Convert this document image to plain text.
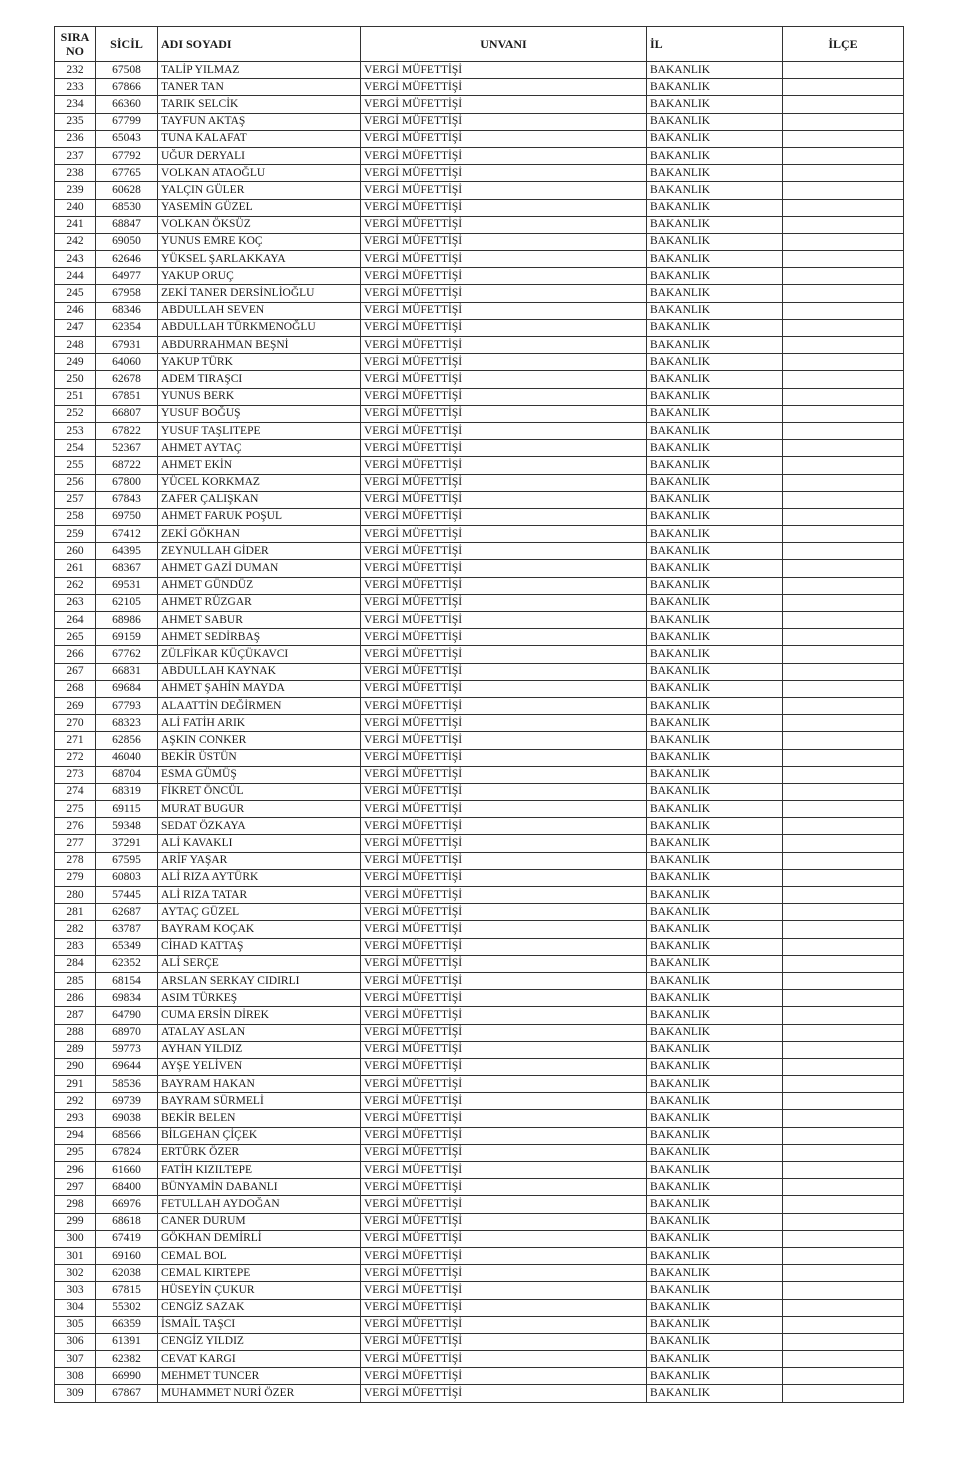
SIRA
NO	SİCİL	ADI SOYADI	UNVANI	İL	İLÇE
232	67508	TALİP YILMAZ	VERGİ MÜFETTİŞİ	BAKANLIK	
233	67866	TANER TAN	VERGİ MÜFETTİŞİ	BAKANLIK	
234	66360	TARIK SELCİK	VERGİ MÜFETTİŞİ	BAKANLIK	
235	67799	TAYFUN AKTAŞ	VERGİ MÜFETTİŞİ	BAKANLIK	
236	65043	TUNA KALAFAT	VERGİ MÜFETTİŞİ	BAKANLIK	
237	67792	UĞUR DERYALI	VERGİ MÜFETTİŞİ	BAKANLIK	
238	67765	VOLKAN ATAOĞLU	VERGİ MÜFETTİŞİ	BAKANLIK	
239	60628	YALÇIN GÜLER	VERGİ MÜFETTİŞİ	BAKANLIK	
240	68530	YASEMİN GÜZEL	VERGİ MÜFETTİŞİ	BAKANLIK	
241	68847	VOLKAN ÖKSÜZ	VERGİ MÜFETTİŞİ	BAKANLIK	
242	69050	YUNUS EMRE KOÇ	VERGİ MÜFETTİŞİ	BAKANLIK	
243	62646	YÜKSEL ŞARLAKKAYA	VERGİ MÜFETTİŞİ	BAKANLIK	
244	64977	YAKUP ORUÇ	VERGİ MÜFETTİŞİ	BAKANLIK	
245	67958	ZEKİ TANER DERSİNLİOĞLU	VERGİ MÜFETTİŞİ	BAKANLIK	
246	68346	ABDULLAH SEVEN	VERGİ MÜFETTİŞİ	BAKANLIK	
247	62354	ABDULLAH TÜRKMENOĞLU	VERGİ MÜFETTİŞİ	BAKANLIK	
248	67931	ABDURRAHMAN BEŞNİ	VERGİ MÜFETTİŞİ	BAKANLIK	
249	64060	YAKUP TÜRK	VERGİ MÜFETTİŞİ	BAKANLIK	
250	62678	ADEM TIRAŞCI	VERGİ MÜFETTİŞİ	BAKANLIK	
251	67851	YUNUS BERK	VERGİ MÜFETTİŞİ	BAKANLIK	
252	66807	YUSUF BOĞUŞ	VERGİ MÜFETTİŞİ	BAKANLIK	
253	67822	YUSUF TAŞLITEPE	VERGİ MÜFETTİŞİ	BAKANLIK	
254	52367	AHMET AYTAÇ	VERGİ MÜFETTİŞİ	BAKANLIK	
255	68722	AHMET EKİN	VERGİ MÜFETTİŞİ	BAKANLIK	
256	67800	YÜCEL KORKMAZ	VERGİ MÜFETTİŞİ	BAKANLIK	
257	67843	ZAFER ÇALIŞKAN	VERGİ MÜFETTİŞİ	BAKANLIK	
258	69750	AHMET FARUK POŞUL	VERGİ MÜFETTİŞİ	BAKANLIK	
259	67412	ZEKİ GÖKHAN	VERGİ MÜFETTİŞİ	BAKANLIK	
260	64395	ZEYNULLAH GİDER	VERGİ MÜFETTİŞİ	BAKANLIK	
261	68367	AHMET GAZİ DUMAN	VERGİ MÜFETTİŞİ	BAKANLIK	
262	69531	AHMET GÜNDÜZ	VERGİ MÜFETTİŞİ	BAKANLIK	
263	62105	AHMET RÜZGAR	VERGİ MÜFETTİŞİ	BAKANLIK	
264	68986	AHMET SABUR	VERGİ MÜFETTİŞİ	BAKANLIK	
265	69159	AHMET SEDİRBAŞ	VERGİ MÜFETTİŞİ	BAKANLIK	
266	67762	ZÜLFİKAR KÜÇÜKAVCI	VERGİ MÜFETTİŞİ	BAKANLIK	
267	66831	ABDULLAH KAYNAK	VERGİ MÜFETTİŞİ	BAKANLIK	
268	69684	AHMET ŞAHİN MAYDA	VERGİ MÜFETTİŞİ	BAKANLIK	
269	67793	ALAATTİN DEĞİRMEN	VERGİ MÜFETTİŞİ	BAKANLIK	
270	68323	ALİ FATİH ARIK	VERGİ MÜFETTİŞİ	BAKANLIK	
271	62856	AŞKIN CONKER	VERGİ MÜFETTİŞİ	BAKANLIK	
272	46040	BEKİR ÜSTÜN	VERGİ MÜFETTİŞİ	BAKANLIK	
273	68704	ESMA GÜMÜŞ	VERGİ MÜFETTİŞİ	BAKANLIK	
274	68319	FİKRET ÖNCÜL	VERGİ MÜFETTİŞİ	BAKANLIK	
275	69115	MURAT BUGUR	VERGİ MÜFETTİŞİ	BAKANLIK	
276	59348	SEDAT ÖZKAYA	VERGİ MÜFETTİŞİ	BAKANLIK	
277	37291	ALİ KAVAKLI	VERGİ MÜFETTİŞİ	BAKANLIK	
278	67595	ARİF YAŞAR	VERGİ MÜFETTİŞİ	BAKANLIK	
279	60803	ALİ RIZA AYTÜRK	VERGİ MÜFETTİŞİ	BAKANLIK	
280	57445	ALİ RIZA TATAR	VERGİ MÜFETTİŞİ	BAKANLIK	
281	62687	AYTAÇ GÜZEL	VERGİ MÜFETTİŞİ	BAKANLIK	
282	63787	BAYRAM KOÇAK	VERGİ MÜFETTİŞİ	BAKANLIK	
283	65349	CİHAD KATTAŞ	VERGİ MÜFETTİŞİ	BAKANLIK	
284	62352	ALİ SERÇE	VERGİ MÜFETTİŞİ	BAKANLIK	
285	68154	ARSLAN SERKAY CIDIRLI	VERGİ MÜFETTİŞİ	BAKANLIK	
286	69834	ASIM TÜRKEŞ	VERGİ MÜFETTİŞİ	BAKANLIK	
287	64790	CUMA ERSİN DİREK	VERGİ MÜFETTİŞİ	BAKANLIK	
288	68970	ATALAY ASLAN	VERGİ MÜFETTİŞİ	BAKANLIK	
289	59773	AYHAN YILDIZ	VERGİ MÜFETTİŞİ	BAKANLIK	
290	69644	AYŞE YELİVEN	VERGİ MÜFETTİŞİ	BAKANLIK	
291	58536	BAYRAM HAKAN	VERGİ MÜFETTİŞİ	BAKANLIK	
292	69739	BAYRAM SÜRMELİ	VERGİ MÜFETTİŞİ	BAKANLIK	
293	69038	BEKİR BELEN	VERGİ MÜFETTİŞİ	BAKANLIK	
294	68566	BİLGEHAN ÇİÇEK	VERGİ MÜFETTİŞİ	BAKANLIK	
295	67824	ERTÜRK ÖZER	VERGİ MÜFETTİŞİ	BAKANLIK	
296	61660	FATİH KIZILTEPE	VERGİ MÜFETTİŞİ	BAKANLIK	
297	68400	BÜNYAMİN DABANLI	VERGİ MÜFETTİŞİ	BAKANLIK	
298	66976	FETULLAH AYDOĞAN	VERGİ MÜFETTİŞİ	BAKANLIK	
299	68618	CANER DURUM	VERGİ MÜFETTİŞİ	BAKANLIK	
300	67419	GÖKHAN DEMİRLİ	VERGİ MÜFETTİŞİ	BAKANLIK	
301	69160	CEMAL BOL	VERGİ MÜFETTİŞİ	BAKANLIK	
302	62038	CEMAL KIRTEPE	VERGİ MÜFETTİŞİ	BAKANLIK	
303	67815	HÜSEYİN ÇUKUR	VERGİ MÜFETTİŞİ	BAKANLIK	
304	55302	CENGİZ SAZAK	VERGİ MÜFETTİŞİ	BAKANLIK	
305	66359	İSMAİL TAŞCI	VERGİ MÜFETTİŞİ	BAKANLIK	
306	61391	CENGİZ YILDIZ	VERGİ MÜFETTİŞİ	BAKANLIK	
307	62382	CEVAT KARGI	VERGİ MÜFETTİŞİ	BAKANLIK	
308	66990	MEHMET TUNCER	VERGİ MÜFETTİŞİ	BAKANLIK	
309	67867	MUHAMMET NURİ ÖZER	VERGİ MÜFETTİŞİ	BAKANLIK	
